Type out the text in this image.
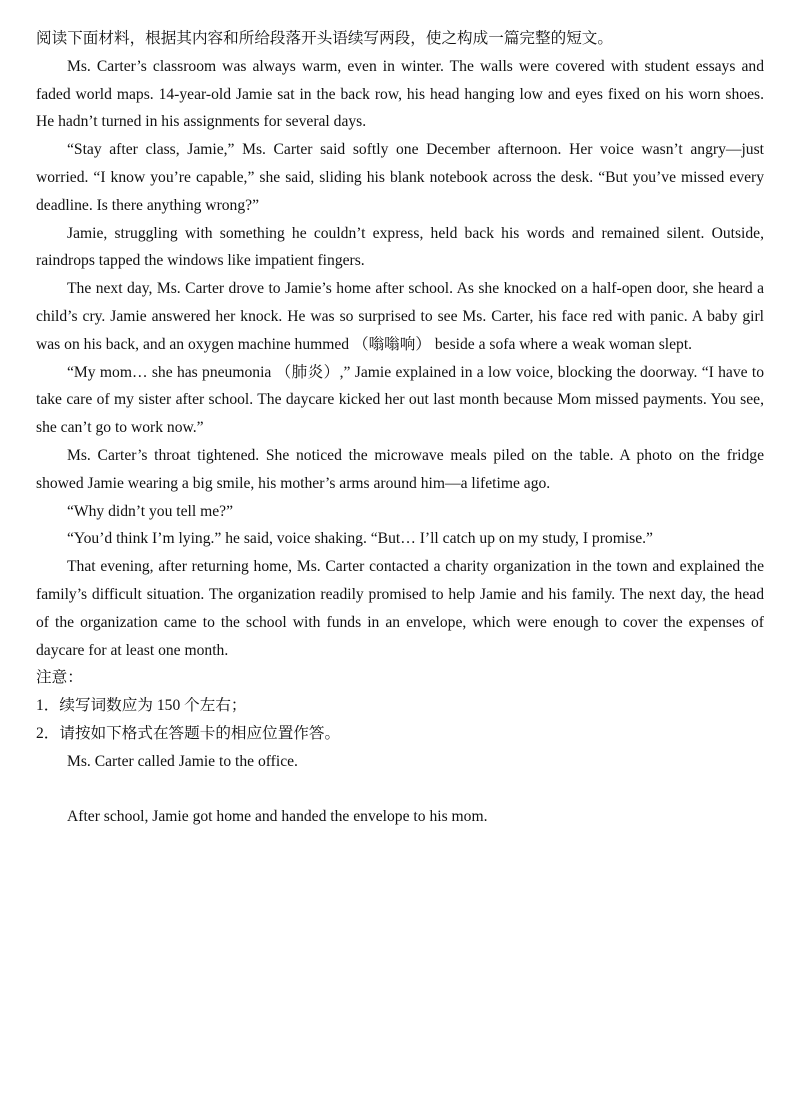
阅读下面材料，根据其内容和所给段落开头语续写两段，使之构成一篇完整的短文。

Ms. Carter’s classroom was always warm, even in winter. The walls were covered with student essays and faded world maps. 14-year-old Jamie sat in the back row, his head hanging low and eyes fixed on his worn shoes. He hadn’t turned in his assignments for several days.

“Stay after class, Jamie,” Ms. Carter said softly one December afternoon. Her voice wasn’t angry—just worried. “I know you’re capable,” she said, sliding his blank notebook across the desk. “But you’ve missed every deadline. Is there anything wrong?”

Jamie, struggling with something he couldn’t express, held back his words and remained silent. Outside, raindrops tapped the windows like impatient fingers.

The next day, Ms. Carter drove to Jamie’s home after school. As she knocked on a half-open door, she heard a child’s cry. Jamie answered her knock. He was so surprised to see Ms. Carter, his face red with panic. A baby girl was on his back, and an oxygen machine hummed （嗡嗡响） beside a sofa where a weak woman slept.

“My mom… she has pneumonia （肺炎）,” Jamie explained in a low voice, blocking the doorway. “I have to take care of my sister after school. The daycare kicked her out last month because Mom missed payments. You see, she can’t go to work now.”

Ms. Carter’s throat tightened. She noticed the microwave meals piled on the table. A photo on the fridge showed Jamie wearing a big smile, his mother’s arms around him—a lifetime ago.

“Why didn’t you tell me?”

“You’d think I’m lying.” he said, voice shaking. “But… I’ll catch up on my study, I promise.”

That evening, after returning home, Ms. Carter contacted a charity organization in the town and explained the family’s difficult situation. The organization readily promised to help Jamie and his family. The next day, the head of the organization came to the school with funds in an envelope, which were enough to cover the expenses of daycare for at least one month.

注意：

1．续写词数应为 150 个左右；

2．请按如下格式在答题卡的相应位置作答。

Ms. Carter called Jamie to the office.

After school, Jamie got home and handed the envelope to his mom.
